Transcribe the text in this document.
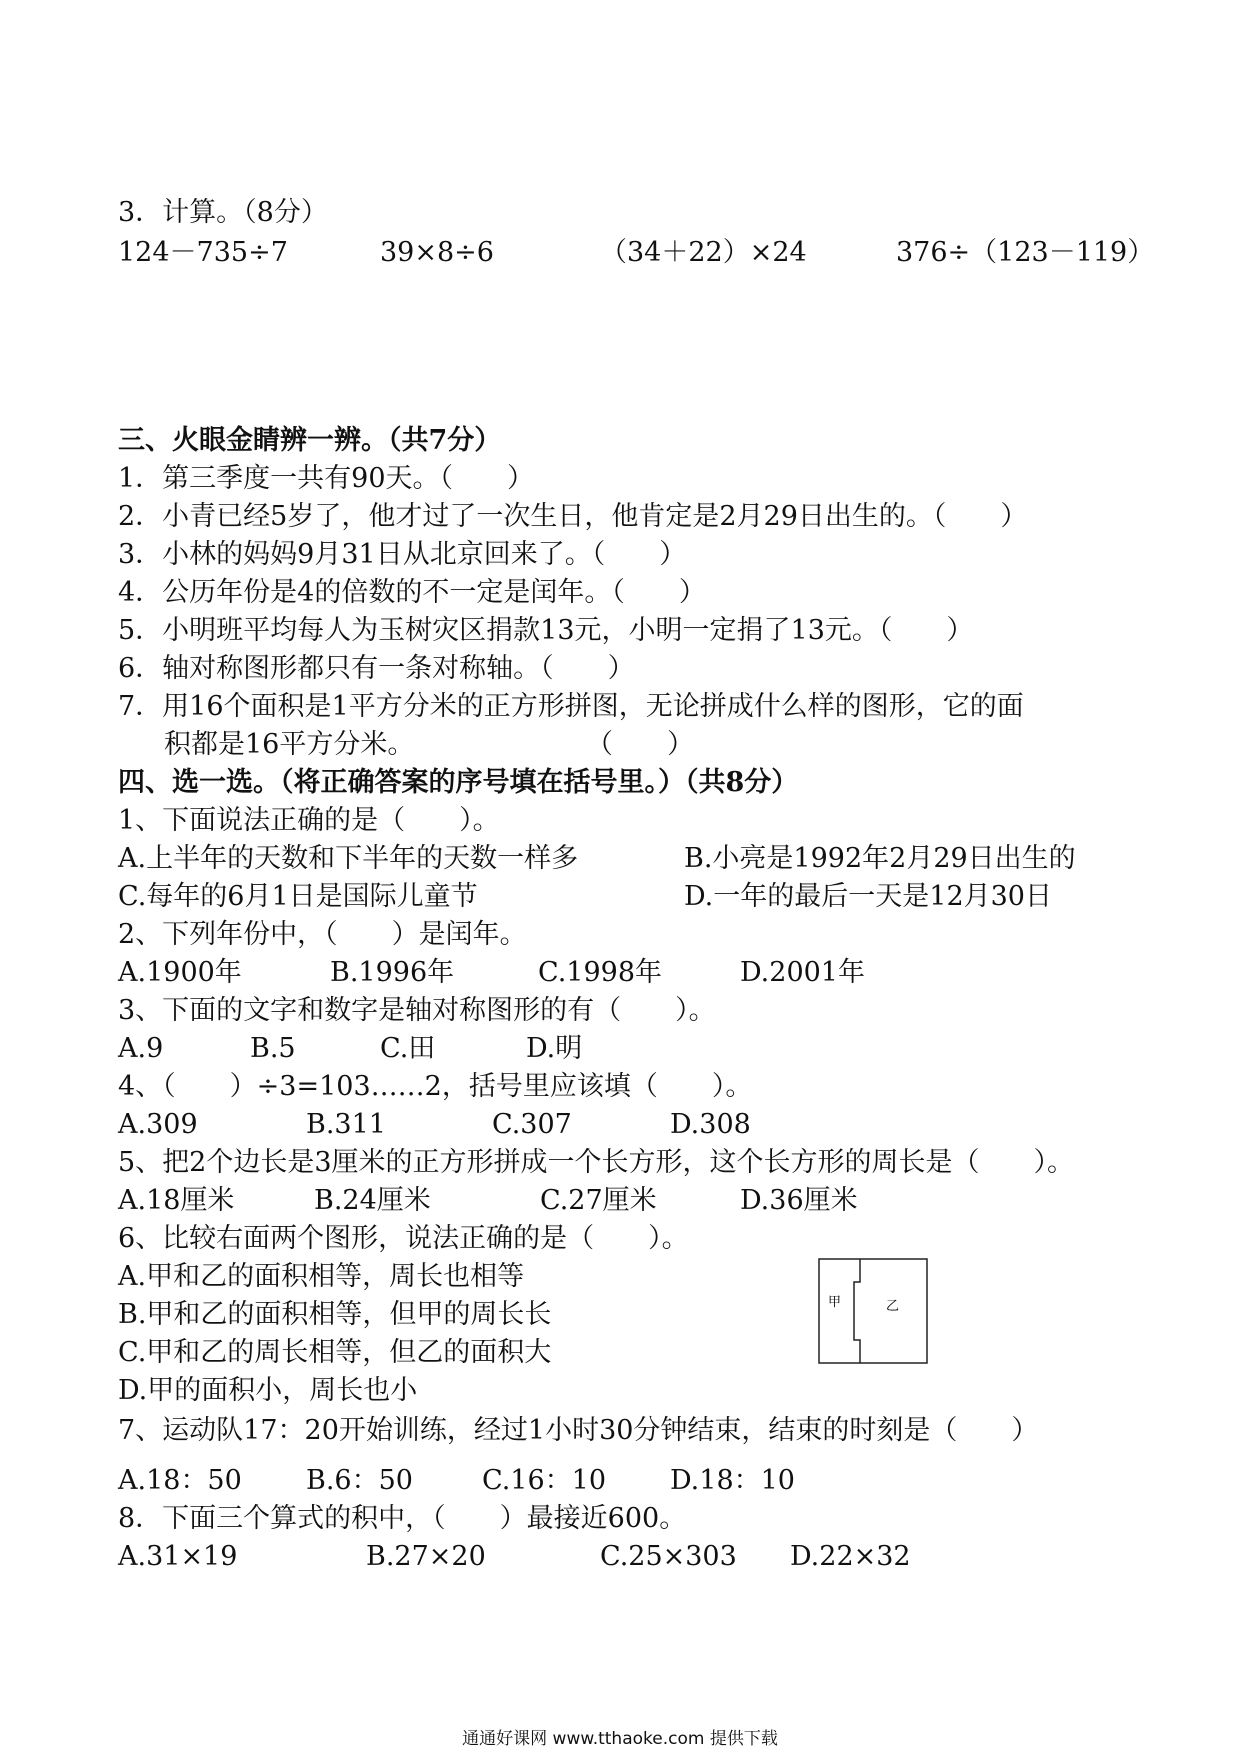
3．计算。（8分）
124－735÷7	39×8÷6	（34＋22）×24	376÷（123－119）
三、火眼金睛辨一辨。（共7分）
1．第三季度一共有90天。（　　）
2．小青已经5岁了，他才过了一次生日，他肯定是2月29日出生的。（　　）
3．小林的妈妈9月31日从北京回来了。（　　）
4．公历年份是4的倍数的不一定是闰年。（　　）
5．小明班平均每人为玉树灾区捐款13元，小明一定捐了13元。（　　）
6．轴对称图形都只有一条对称轴。（　　）
7．用16个面积是1平方分米的正方形拼图，无论拼成什么样的图形，它的面
积都是16平方分米。	（　　）
四、选一选。（将正确答案的序号填在括号里。）（共8分）
1、下面说法正确的是（　　）。
A.上半年的天数和下半年的天数一样多	B.小亮是1992年2月29日出生的
C.每年的6月1日是国际儿童节	D.一年的最后一天是12月30日
2、下列年份中，（　　）是闰年。
A.1900年	B.1996年	C.1998年	D.2001年
3、下面的文字和数字是轴对称图形的有（　　）。
A.9	B.5	C.田	D.明
4、（　　）÷3=103……2，括号里应该填（　　）。
A.309	B.311	C.307	D.308
5、把2个边长是3厘米的正方形拼成一个长方形，这个长方形的周长是（　　）。
A.18厘米	B.24厘米	C.27厘米	D.36厘米
6、比较右面两个图形，说法正确的是（　　）。
A.甲和乙的面积相等，周长也相等
B.甲和乙的面积相等，但甲的周长长
C.甲和乙的周长相等，但乙的面积大
D.甲的面积小，周长也小
甲	乙
7、运动队17：20开始训练，经过1小时30分钟结束，结束的时刻是（　　）
A.18：50 B.6：50	C.16：10 D.18：10
8．下面三个算式的积中，（　　）最接近600。
A.31×19	B.27×20	C.25×303 D.22×32
通通好课网 www.tthaoke.com 提供下载
